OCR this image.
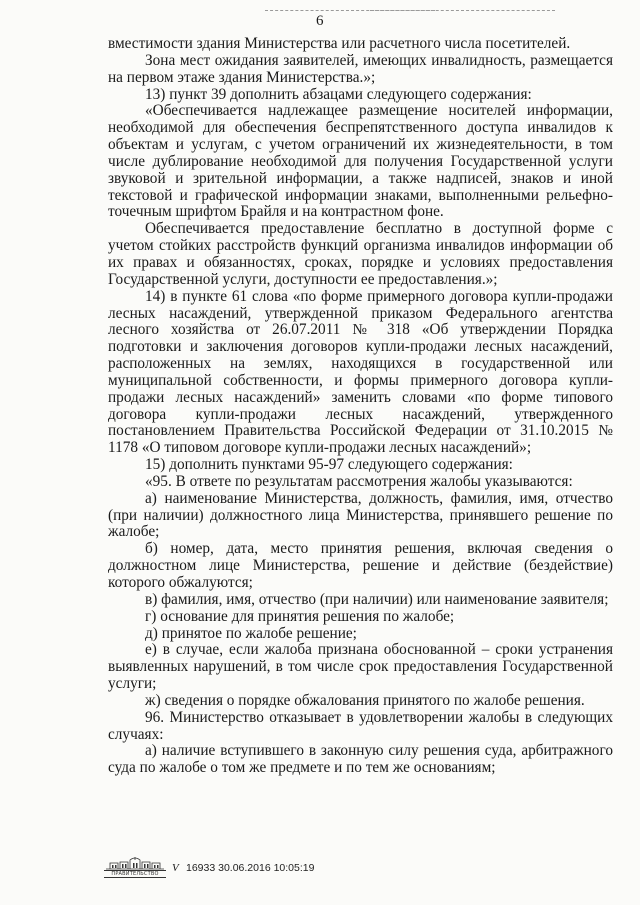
6

вместимости здания Министерства или расчетного числа посетителей.

Зона мест ожидания заявителей, имеющих инвалидность, размещается на первом этаже здания Министерства.»;

13) пункт 39 дополнить абзацами следующего содержания:

«Обеспечивается надлежащее размещение носителей информации, необходимой для обеспечения беспрепятственного доступа инвалидов к объектам и услугам, с учетом ограничений их жизнедеятельности, в том числе дублирование необходимой для получения Государственной услуги звуковой и зрительной информации, а также надписей, знаков и иной текстовой и графической информации знаками, выполненными рельефно-точечным шрифтом Брайля и на контрастном фоне.

Обеспечивается предоставление бесплатно в доступной форме с учетом стойких расстройств функций организма инвалидов информации об их правах и обязанностях, сроках, порядке и условиях предоставления Государственной услуги, доступности ее предоставления.»;

14) в пункте 61 слова «по форме примерного договора купли-продажи лесных насаждений, утвержденной приказом Федерального агентства лесного хозяйства от 26.07.2011 № 318 «Об утверждении Порядка подготовки и заключения договоров купли-продажи лесных насаждений, расположенных на землях, находящихся в государственной или муниципальной собственности, и формы примерного договора купли-продажи лесных насаждений» заменить словами «по форме типового договора купли-продажи лесных насаждений, утвержденного постановлением Правительства Российской Федерации от 31.10.2015 № 1178 «О типовом договоре купли-продажи лесных насаждений»;

15) дополнить пунктами 95-97 следующего содержания:

«95. В ответе по результатам рассмотрения жалобы указываются:

а) наименование Министерства, должность, фамилия, имя, отчество (при наличии) должностного лица Министерства, принявшего решение по жалобе;

б) номер, дата, место принятия решения, включая сведения о должностном лице Министерства, решение и действие (бездействие) которого обжалуются;

в) фамилия, имя, отчество (при наличии) или наименование заявителя;

г) основание для принятия решения по жалобе;

д) принятое по жалобе решение;

е) в случае, если жалоба признана обоснованной – сроки устранения выявленных нарушений, в том числе срок предоставления Государственной услуги;

ж) сведения о порядке обжалования принятого по жалобе решения.

96. Министерство отказывает в удовлетворении жалобы в следующих случаях:

а) наличие вступившего в законную силу решения суда, арбитражного суда по жалобе о том же предмете и по тем же основаниям;

ПРАВИТЕЛЬСТВО	V 16933 30.06.2016 10:05:19
